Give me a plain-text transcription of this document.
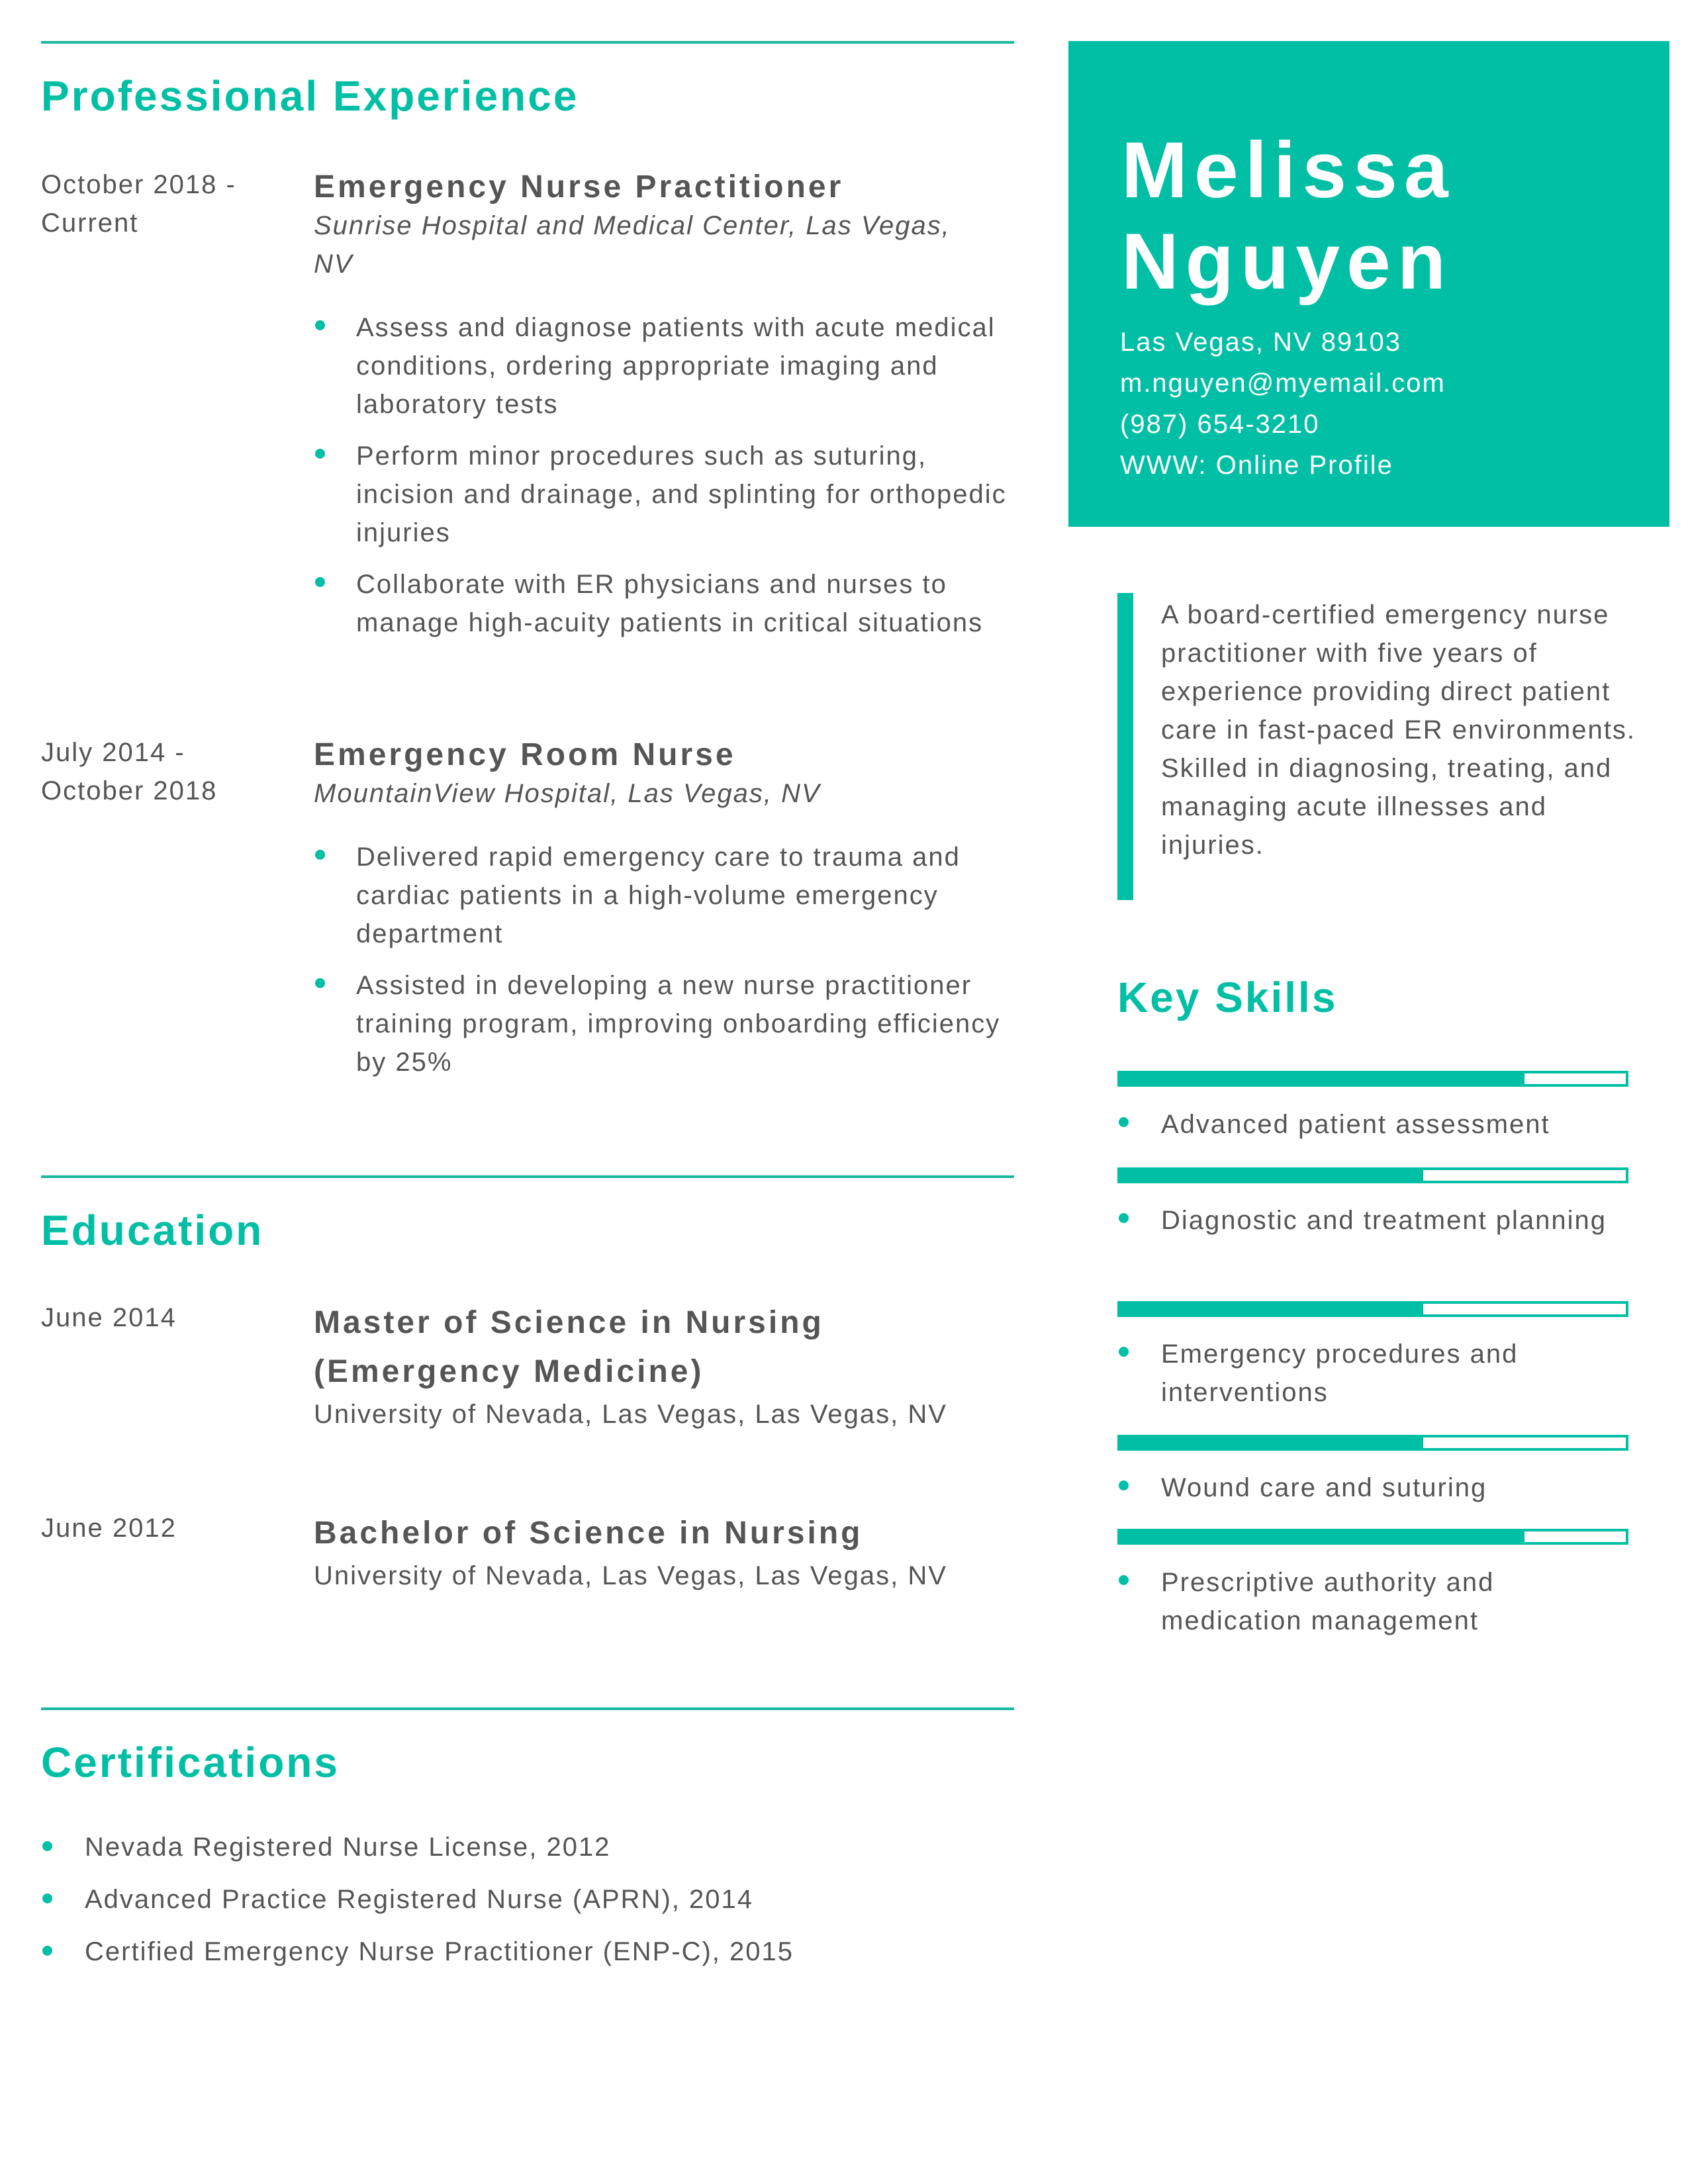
Professional Experience
October 2018 - Current
Emergency Nurse Practitioner
Sunrise Hospital and Medical Center, Las Vegas, NV
Assess and diagnose patients with acute medical conditions, ordering appropriate imaging and laboratory tests
Perform minor procedures such as suturing, incision and drainage, and splinting for orthopedic injuries
Collaborate with ER physicians and nurses to manage high-acuity patients in critical situations
July 2014 - October 2018
Emergency Room Nurse
MountainView Hospital, Las Vegas, NV
Delivered rapid emergency care to trauma and cardiac patients in a high-volume emergency department
Assisted in developing a new nurse practitioner training program, improving onboarding efficiency by 25%
Education
June 2014	Master of Science in Nursing (Emergency Medicine)
University of Nevada, Las Vegas, Las Vegas, NV
June 2012	Bachelor of Science in Nursing
University of Nevada, Las Vegas, Las Vegas, NV
Certifications
Nevada Registered Nurse License, 2012
Advanced Practice Registered Nurse (APRN), 2014
Certified Emergency Nurse Practitioner (ENP-C), 2015
Melissa
Nguyen
Las Vegas, NV 89103
m.nguyen@myemail.com
(987) 654-3210
WWW: Online Profile

A board-certified emergency nurse practitioner with five years of experience providing direct patient care in fast-paced ER environments. Skilled in diagnosing, treating, and managing acute illnesses and injuries.

Key Skills
Advanced patient assessment
Diagnostic and treatment planning
Emergency procedures and interventions
Wound care and suturing
Prescriptive authority and medication management
